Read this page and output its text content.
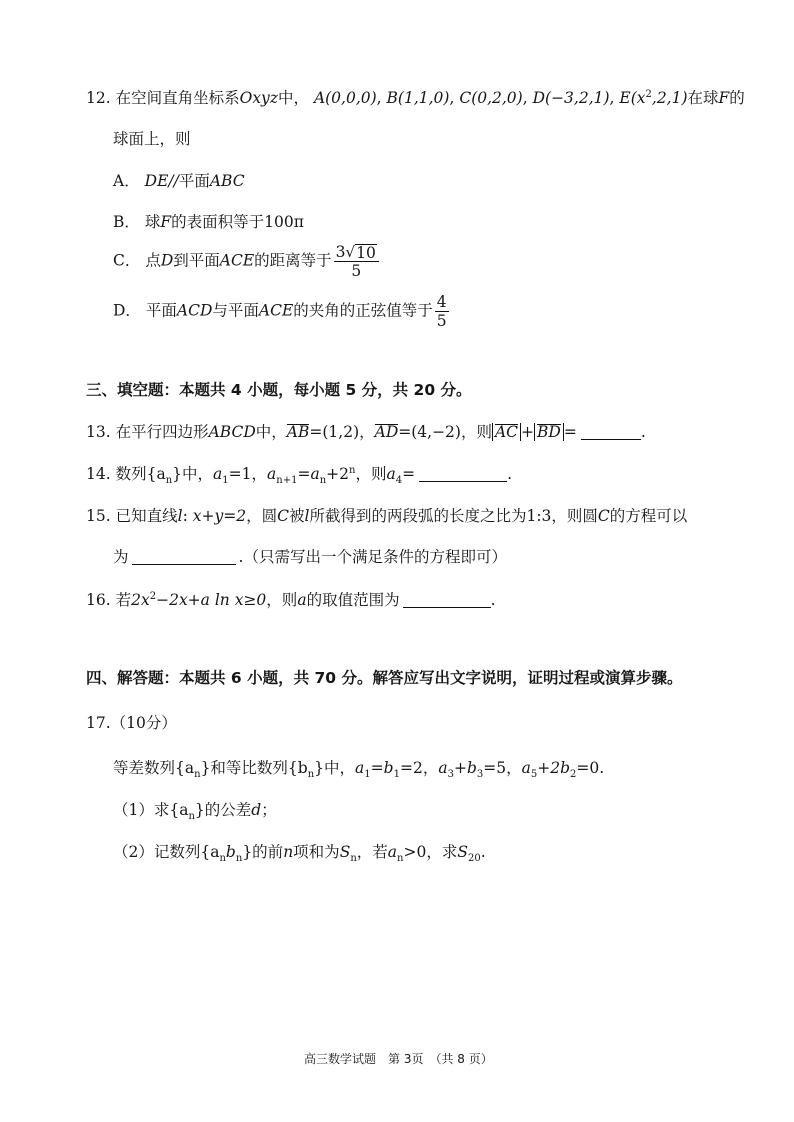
12. 在空间直角坐标系Oxyz中， A(0,0,0), B(1,1,0), C(0,2,0), D(−3,2,1), $E(x^2,2,1)$在球F的
球面上，则
A． DE//平面ABC
B． 球F的表面积等于100π
C． 点D到平面ACE的距离等于 $\frac{3 √ 10}{5}$
D． 平面ACD与平面ACE的夹角的正弦值等于 $\frac{4}{5}$
三、填空题：本题共 4 小题，每小题 5 分，共 20 分。
13. 在平行四边形ABCD中，AB=(1,2)，AD=(4,−2)，则 AC + BD =	.
14. 数列$\{a_n\}$中，$a_1=1$，$a_{n+1}=a_n+2^n$，则$a_4=$	.
15. 已知直线l: x+y=2，圆C被l所截得到的两段弧的长度之比为1:3，则圆C的方程可以
为	.（只需写出一个满足条件的方程即可）
16. 若$2x^2-2x+a$ ln x≥0，则a的取值范围为	.
四、解答题：本题共 6 小题，共 70 分。解答应写出文字说明，证明过程或演算步骤。
17.（10分）
等差数列$\{a_n\}$和等比数列$\{b_n\}$中，$a_1=b_1=2$，$a_3+b_3=5$，$a_5+2b_2=0$.
（1）求$\{a_n\}$的公差d；
（2）记数列$\{a_nb_n\}$的前n项和为$S_n$，若$a_n>0$，求$S_{20}$.
高三数学试题　第 3页　（共 8 页）
